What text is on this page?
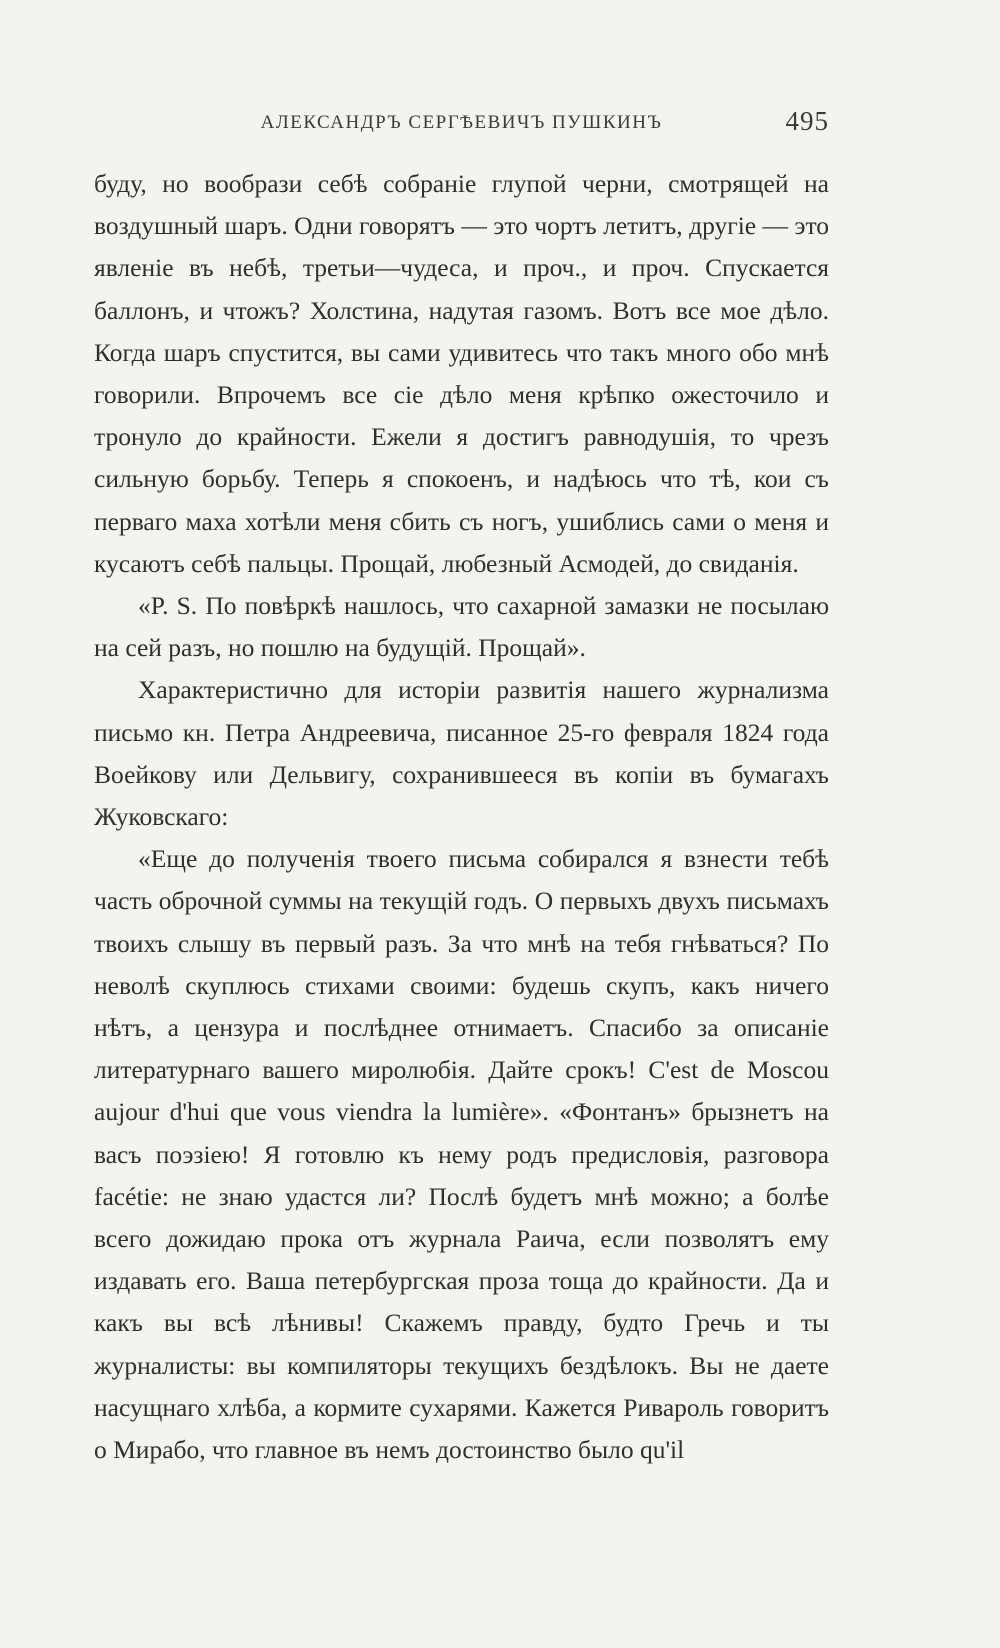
АЛЕКСАНДРЪ СЕРГѢЕВИЧЪ ПУШКИНЪ	495

буду, но вообрази себѣ собраніе глупой черни, смотрящей на воздушный шаръ. Одни говорятъ — это чортъ летитъ, другіе — это явленіе въ небѣ, третьи—чудеса, и проч., и проч. Спускается баллонъ, и чтожъ? Холстина, надутая газомъ. Вотъ все мое дѣло. Когда шаръ спустится, вы сами удивитесь что такъ много обо мнѣ говорили. Впрочемъ все сіе дѣло меня крѣпко ожесточило и тронуло до крайности. Ежели я достигъ равнодушія, то чрезъ сильную борьбу. Теперь я спокоенъ, и надѣюсь что тѣ, кои съ перваго маха хотѣли меня сбить съ ногъ, ушиблись сами о меня и кусаютъ себѣ пальцы. Прощай, любезный Асмодей, до свиданія.

«P. S. По повѣркѣ нашлось, что сахарной замазки не посылаю на сей разъ, но пошлю на будущій. Прощай».

Характеристично для исторіи развитія нашего журнализма письмо кн. Петра Андреевича, писанное 25-го февраля 1824 года Воейкову или Дельвигу, сохранившееся въ копіи въ бумагахъ Жуковскаго:

«Еще до полученія твоего письма собирался я взнести тебѣ часть оброчной суммы на текущій годъ. О первыхъ двухъ письмахъ твоихъ слышу въ первый разъ. За что мнѣ на тебя гнѣваться? По неволѣ скуплюсь стихами своими: будешь скупъ, какъ ничего нѣтъ, а цензура и послѣднее отнимаетъ. Спасибо за описаніе литературнаго вашего миролюбія. Дайте срокъ! C'est de Moscou aujour d'hui que vous viendra la lumière». «Фонтанъ» брызнетъ на васъ поэзіею! Я готовлю къ нему родъ предисловія, разговора facétie: не знаю удастся ли? Послѣ будетъ мнѣ можно; а болѣе всего дожидаю прока отъ журнала Раича, если позволятъ ему издавать его. Ваша петербургская проза тоща до крайности. Да и какъ вы всѣ лѣнивы! Скажемъ правду, будто Гречь и ты журналисты: вы компиляторы текущихъ бездѣлокъ. Вы не даете насущнаго хлѣба, а кормите сухарями. Кажется Ривароль говоритъ о Мирабо, что главное въ немъ достоинство было qu'il
